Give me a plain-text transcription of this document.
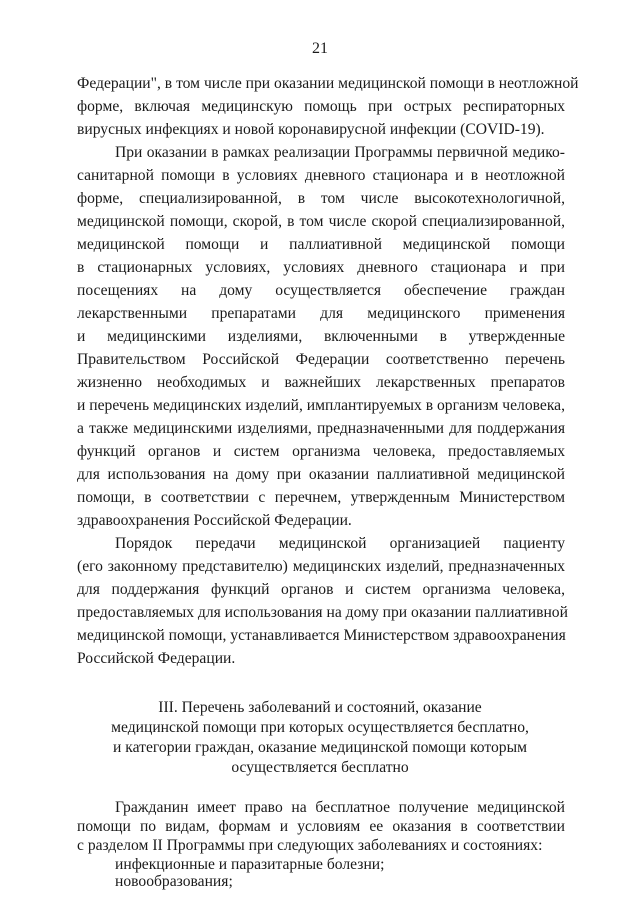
21
Федерации", в том числе при оказании медицинской помощи в неотложной
форме, включая медицинскую помощь при острых респираторных
вирусных инфекциях и новой коронавирусной инфекции (COVID-19).
При оказании в рамках реализации Программы первичной медико-
санитарной помощи в условиях дневного стационара и в неотложной
форме, специализированной, в том числе высокотехнологичной,
медицинской помощи, скорой, в том числе скорой специализированной,
медицинской помощи и паллиативной медицинской помощи
в стационарных условиях, условиях дневного стационара и при
посещениях на дому осуществляется обеспечение граждан
лекарственными препаратами для медицинского применения
и медицинскими изделиями, включенными в утвержденные
Правительством Российской Федерации соответственно перечень
жизненно необходимых и важнейших лекарственных препаратов
и перечень медицинских изделий, имплантируемых в организм человека,
а также медицинскими изделиями, предназначенными для поддержания
функций органов и систем организма человека, предоставляемых
для использования на дому при оказании паллиативной медицинской
помощи, в соответствии с перечнем, утвержденным Министерством
здравоохранения Российской Федерации.
Порядок передачи медицинской организацией пациенту
(его законному представителю) медицинских изделий, предназначенных
для поддержания функций органов и систем организма человека,
предоставляемых для использования на дому при оказании паллиативной
медицинской помощи, устанавливается Министерством здравоохранения
Российской Федерации.
III. Перечень заболеваний и состояний, оказание
медицинской помощи при которых осуществляется бесплатно,
и категории граждан, оказание медицинской помощи которым
осуществляется бесплатно
Гражданин имеет право на бесплатное получение медицинской
помощи по видам, формам и условиям ее оказания в соответствии
с разделом II Программы при следующих заболеваниях и состояниях:
инфекционные и паразитарные болезни;
новообразования;
